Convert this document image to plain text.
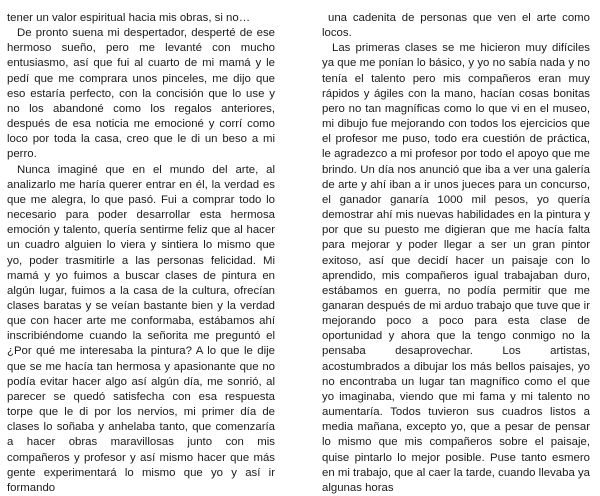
tener un valor espiritual hacia mis obras, si no…

De pronto suena mi despertador, desperté de ese hermoso sueño, pero me levanté con mucho entusiasmo, así que fui al cuarto de mi mamá y le pedí que me comprara unos pinceles, me dijo que eso estaría perfecto, con la concisión que lo use y no los abandoné como los regalos anteriores, después de esa noticia me emocioné y corrí como loco por toda la casa, creo que le di un beso a mi perro.

Nunca imaginé que en el mundo del arte, al analizarlo me haría querer entrar en él, la verdad es que me alegra, lo que pasó. Fui a comprar todo lo necesario para poder desarrollar esta hermosa emoción y talento, quería sentirme feliz que al hacer un cuadro alguien lo viera y sintiera lo mismo que yo, poder trasmitirle a las personas felicidad. Mi mamá y yo fuimos a buscar clases de pintura en algún lugar, fuimos a la casa de la cultura, ofrecían clases baratas y se veían bastante bien y la verdad que con hacer arte me conformaba, estábamos ahí inscribiéndome cuando la señorita me preguntó el ¿Por qué me interesaba la pintura? A lo que le dije que se me hacía tan hermosa y apasionante que no podía evitar hacer algo así algún día, me sonrió, al parecer se quedó satisfecha con esa respuesta torpe que le di por los nervios, mi primer día de clases lo soñaba y anhelaba tanto, que comenzaría a hacer obras maravillosas junto con mis compañeros y profesor y así mismo hacer que más gente experimentará lo mismo que yo y así ir formando

una cadenita de personas que ven el arte como locos.

Las primeras clases se me hicieron muy difíciles ya que me ponían lo básico, y yo no sabía nada y no tenía el talento pero mis compañeros eran muy rápidos y ágiles con la mano, hacían cosas bonitas pero no tan magníficas como lo que vi en el museo, mi dibujo fue mejorando con todos los ejercicios que el profesor me puso, todo era cuestión de práctica, le agradezco a mi profesor por todo el apoyo que me brindo. Un día nos anunció que iba a ver una galería de arte y ahí iban a ir unos jueces para un concurso, el ganador ganaría 1000 mil pesos, yo quería demostrar ahí mis nuevas habilidades en la pintura y por que su puesto me digieran que me hacía falta para mejorar y poder llegar a ser un gran pintor exitoso, así que decidí hacer un paisaje con lo aprendido, mis compañeros igual trabajaban duro, estábamos en guerra, no podía permitir que me ganaran después de mi arduo trabajo que tuve que ir mejorando poco a poco para esta clase de oportunidad y ahora que la tengo conmigo no la pensaba desaprovechar. Los artistas, acostumbrados a dibujar los más bellos paisajes, yo no encontraba un lugar tan magnífico como el que yo imaginaba, viendo que mi fama y mi talento no aumentaría. Todos tuvieron sus cuadros listos a media mañana, excepto yo, que a pesar de pensar lo mismo que mis compañeros sobre el paisaje, quise pintarlo lo mejor posible. Puse tanto esmero en mi trabajo, que al caer la tarde, cuando llevaba ya algunas horas
